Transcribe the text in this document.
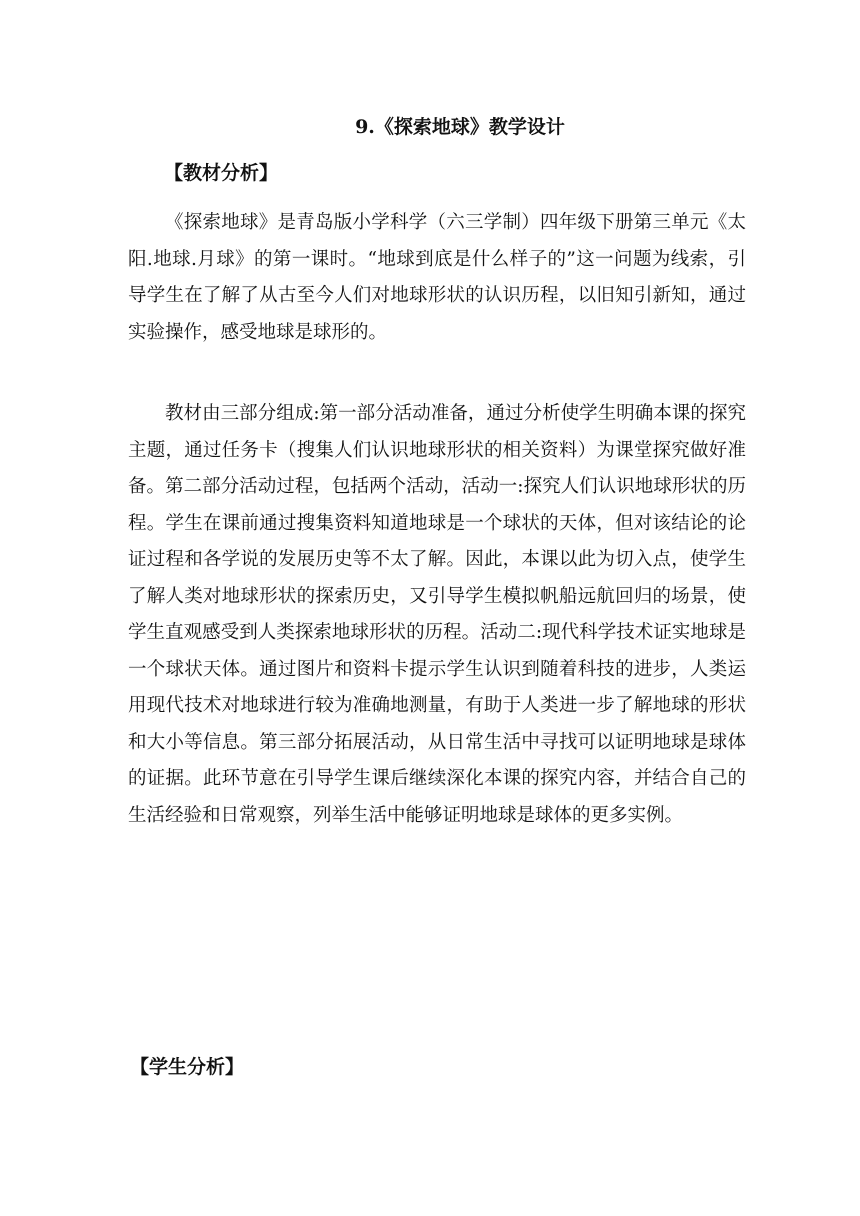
9.《探索地球》教学设计
【教材分析】

《探索地球》是青岛版小学科学（六三学制）四年级下册第三单元《太阳.地球.月球》的第一课时。“地球到底是什么样子的”这一问题为线索，引导学生在了解了从古至今人们对地球形状的认识历程，以旧知引新知，通过实验操作，感受地球是球形的。

教材由三部分组成:第一部分活动准备，通过分析使学生明确本课的探究主题，通过任务卡（搜集人们认识地球形状的相关资料）为课堂探究做好准备。第二部分活动过程，包括两个活动，活动一:探究人们认识地球形状的历程。学生在课前通过搜集资料知道地球是一个球状的天体，但对该结论的论证过程和各学说的发展历史等不太了解。因此，本课以此为切入点，使学生了解人类对地球形状的探索历史，又引导学生模拟帆船远航回归的场景，使学生直观感受到人类探索地球形状的历程。活动二:现代科学技术证实地球是一个球状天体。通过图片和资料卡提示学生认识到随着科技的进步，人类运用现代技术对地球进行较为准确地测量，有助于人类进一步了解地球的形状和大小等信息。第三部分拓展活动，从日常生活中寻找可以证明地球是球体的证据。此环节意在引导学生课后继续深化本课的探究内容，并结合自己的生活经验和日常观察，列举生活中能够证明地球是球体的更多实例。

【学生分析】
